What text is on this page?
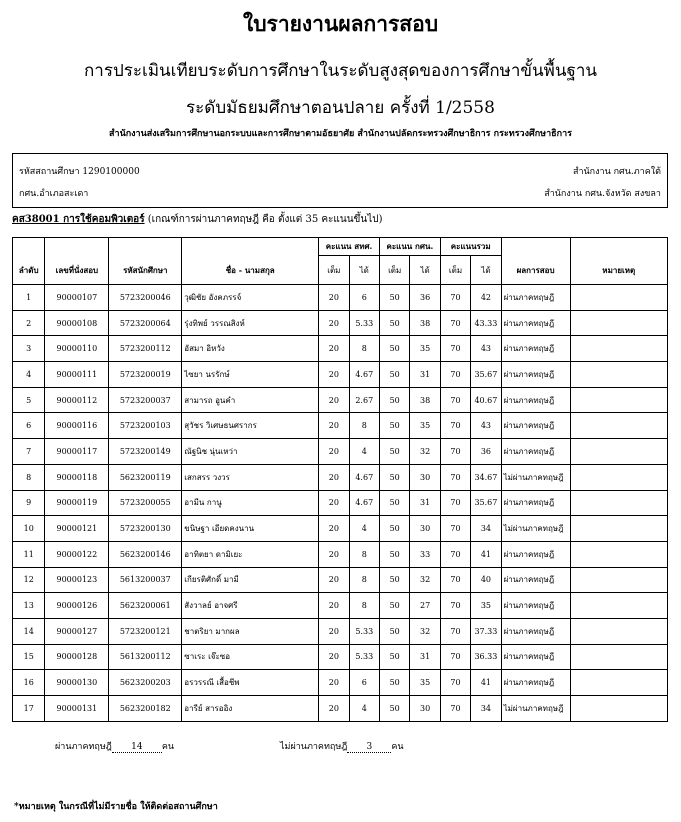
ใบรายงานผลการสอบ
การประเมินเทียบระดับการศึกษาในระดับสูงสุดของการศึกษาขั้นพื้นฐาน
ระดับมัธยมศึกษาตอนปลาย ครั้งที่ 1/2558
สำนักงานส่งเสริมการศึกษานอกระบบและการศึกษาตามอัธยาศัย สำนักงานปลัดกระทรวงศึกษาธิการ กระทรวงศึกษาธิการ
รหัสสถานศึกษา 1290100000	สำนักงาน กศน.ภาคใต้
กศน.อำเภอสะเดา	สำนักงาน กศน.จังหวัด สงขลา
คส38001 การใช้คอมพิวเตอร์ (เกณฑ์การผ่านภาคทฤษฎี คือ ตั้งแต่ 35 คะแนนขึ้นไป)
ลำดับ	เลขที่นั่งสอบ	รหัสนักศึกษา	ชื่อ - นามสกุล	คะแนน สทศ.		คะแนน กศน.		คะแนนรวม		ผลการสอบ	หมายเหตุ
				เต็ม	ได้	เต็ม	ได้	เต็ม	ได้		
1	90000107	5723200046	วุฒิชัย อังคภรรจ์	20	6	50	36	70	42	ผ่านภาคทฤษฎี	
2	90000108	5723200064	รุ่งทิพย์ วรรณสิงห์	20	5.33	50	38	70	43.33	ผ่านภาคทฤษฎี	
3	90000110	5723200112	อัสมา อิหวัง	20	8	50	35	70	43	ผ่านภาคทฤษฎี	
4	90000111	5723200019	ไซยา นรรักษ์	20	4.67	50	31	70	35.67	ผ่านภาคทฤษฎี	
5	90000112	5723200037	สามารถ อูนคำ	20	2.67	50	38	70	40.67	ผ่านภาคทฤษฎี	
6	90000116	5723200103	สุวัชร วิเศษธนศรากร	20	8	50	35	70	43	ผ่านภาคทฤษฎี	
7	90000117	5723200149	ณัฐนิช นุ่นเหว่า	20	4	50	32	70	36	ผ่านภาคทฤษฎี	
8	90000118	5623200119	เสกสรร วงวร	20	4.67	50	30	70	34.67	ไม่ผ่านภาคทฤษฎี	
9	90000119	5723200055	อามีน กานู	20	4.67	50	31	70	35.67	ผ่านภาคทฤษฎี	
10	90000121	5723200130	ขนิษฐา เอียดคงนาน	20	4	50	30	70	34	ไม่ผ่านภาคทฤษฎี	
11	90000122	5623200146	อาทิตยา ดามิเยะ	20	8	50	33	70	41	ผ่านภาคทฤษฎี	
12	90000123	5613200037	เกียรติศักดิ์ มามี	20	8	50	32	70	40	ผ่านภาคทฤษฎี	
13	90000126	5623200061	สังวาลย์ อาจศรี	20	8	50	27	70	35	ผ่านภาคทฤษฎี	
14	90000127	5723200121	ชาตริยา มากผล	20	5.33	50	32	70	37.33	ผ่านภาคทฤษฎี	
15	90000128	5613200112	ซาเระ เจ๊ะซอ	20	5.33	50	31	70	36.33	ผ่านภาคทฤษฎี	
16	90000130	5623200203	อรวรรณี เสื้อชีพ	20	6	50	35	70	41	ผ่านภาคทฤษฎี	
17	90000131	5623200182	อารีย์ สารออิง	20	4	50	30	70	34	ไม่ผ่านภาคทฤษฎี	
ผ่านภาคทฤษฎี 14 คน	ไม่ผ่านภาคทฤษฎี 3 คน
*หมายเหตุ ในกรณีที่ไม่มีรายชื่อ ให้ติดต่อสถานศึกษา
